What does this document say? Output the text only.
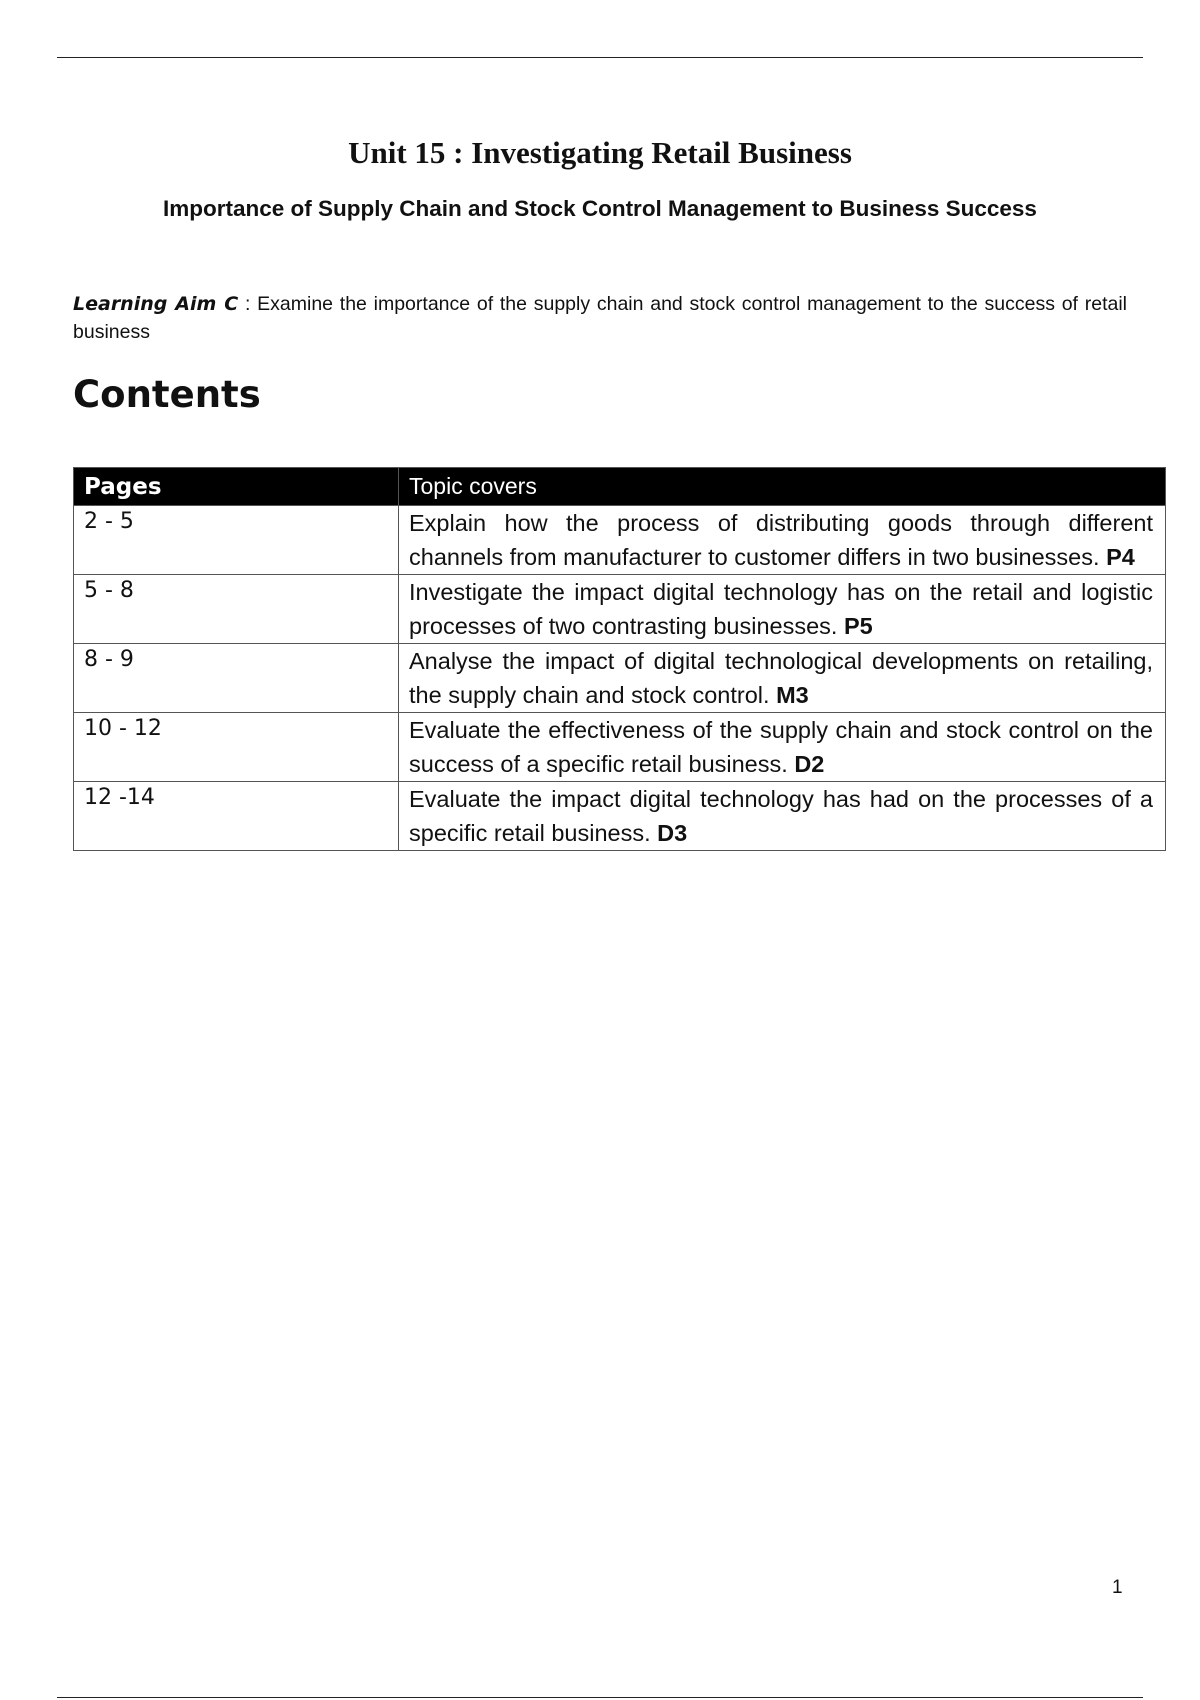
Unit 15 : Investigating Retail Business
Importance of Supply Chain and Stock Control Management to Business Success

Learning Aim C : Examine the importance of the supply chain and stock control management to the success of retail business

Contents
Pages	Topic covers
2 - 5	Explain how the process of distributing goods through different channels from manufacturer to customer differs in two businesses. P4
5 - 8	Investigate the impact digital technology has on the retail and logistic processes of two contrasting businesses. P5
8 - 9	Analyse the impact of digital technological developments on retailing, the supply chain and stock control. M3
10 - 12	Evaluate the effectiveness of the supply chain and stock control on the success of a specific retail business. D2
12 -14	Evaluate the impact digital technology has had on the processes of a specific retail business. D3
1
